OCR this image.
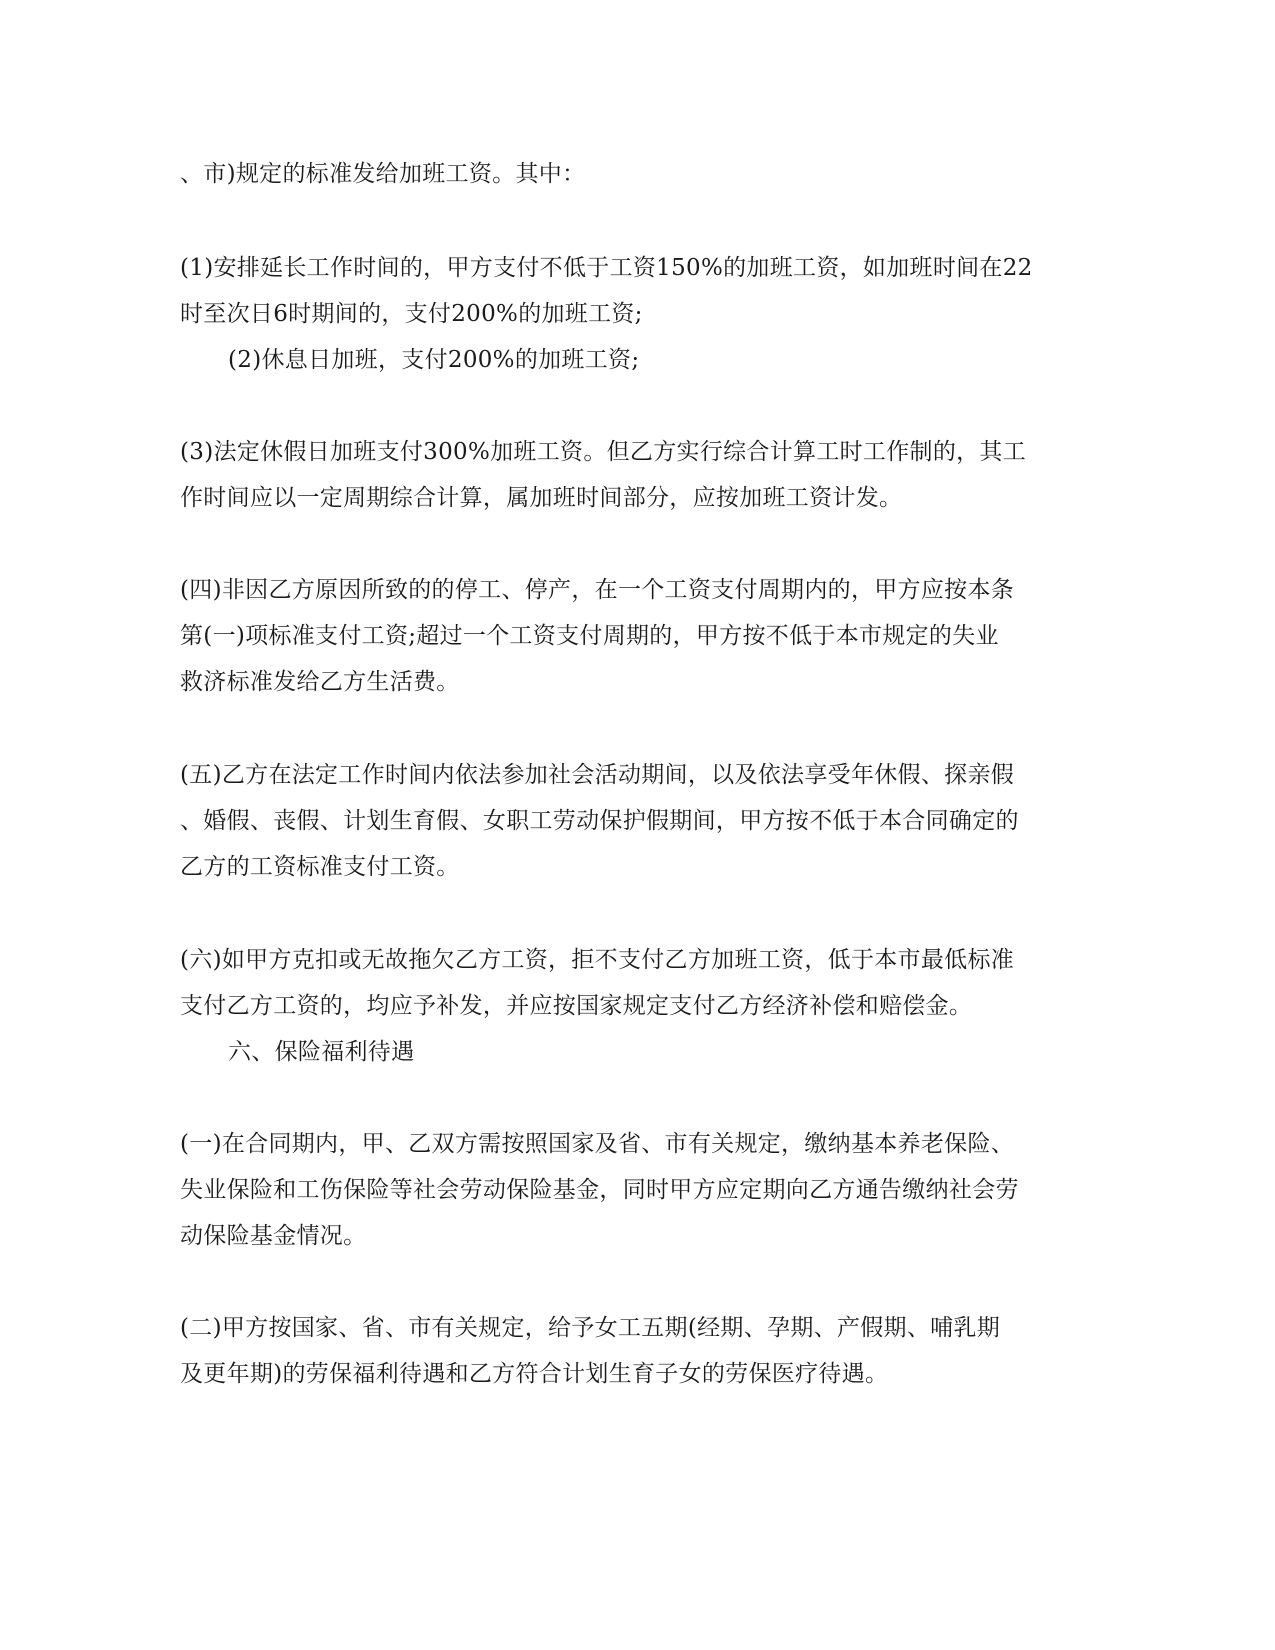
、市)规定的标准发给加班工资。其中：
(1)安排延长工作时间的，甲方支付不低于工资150%的加班工资，如加班时间在22
时至次日6时期间的，支付200%的加班工资;
(2)休息日加班，支付200%的加班工资;
(3)法定休假日加班支付300%加班工资。但乙方实行综合计算工时工作制的，其工
作时间应以一定周期综合计算，属加班时间部分，应按加班工资计发。
(四)非因乙方原因所致的的停工、停产，在一个工资支付周期内的，甲方应按本条
第(一)项标准支付工资;超过一个工资支付周期的，甲方按不低于本市规定的失业
救济标准发给乙方生活费。
(五)乙方在法定工作时间内依法参加社会活动期间，以及依法享受年休假、探亲假
、婚假、丧假、计划生育假、女职工劳动保护假期间，甲方按不低于本合同确定的
乙方的工资标准支付工资。
(六)如甲方克扣或无故拖欠乙方工资，拒不支付乙方加班工资，低于本市最低标准
支付乙方工资的，均应予补发，并应按国家规定支付乙方经济补偿和赔偿金。
六、保险福利待遇
(一)在合同期内，甲、乙双方需按照国家及省、市有关规定，缴纳基本养老保险、
失业保险和工伤保险等社会劳动保险基金，同时甲方应定期向乙方通告缴纳社会劳
动保险基金情况。
(二)甲方按国家、省、市有关规定，给予女工五期(经期、孕期、产假期、哺乳期
及更年期)的劳保福利待遇和乙方符合计划生育子女的劳保医疗待遇。
